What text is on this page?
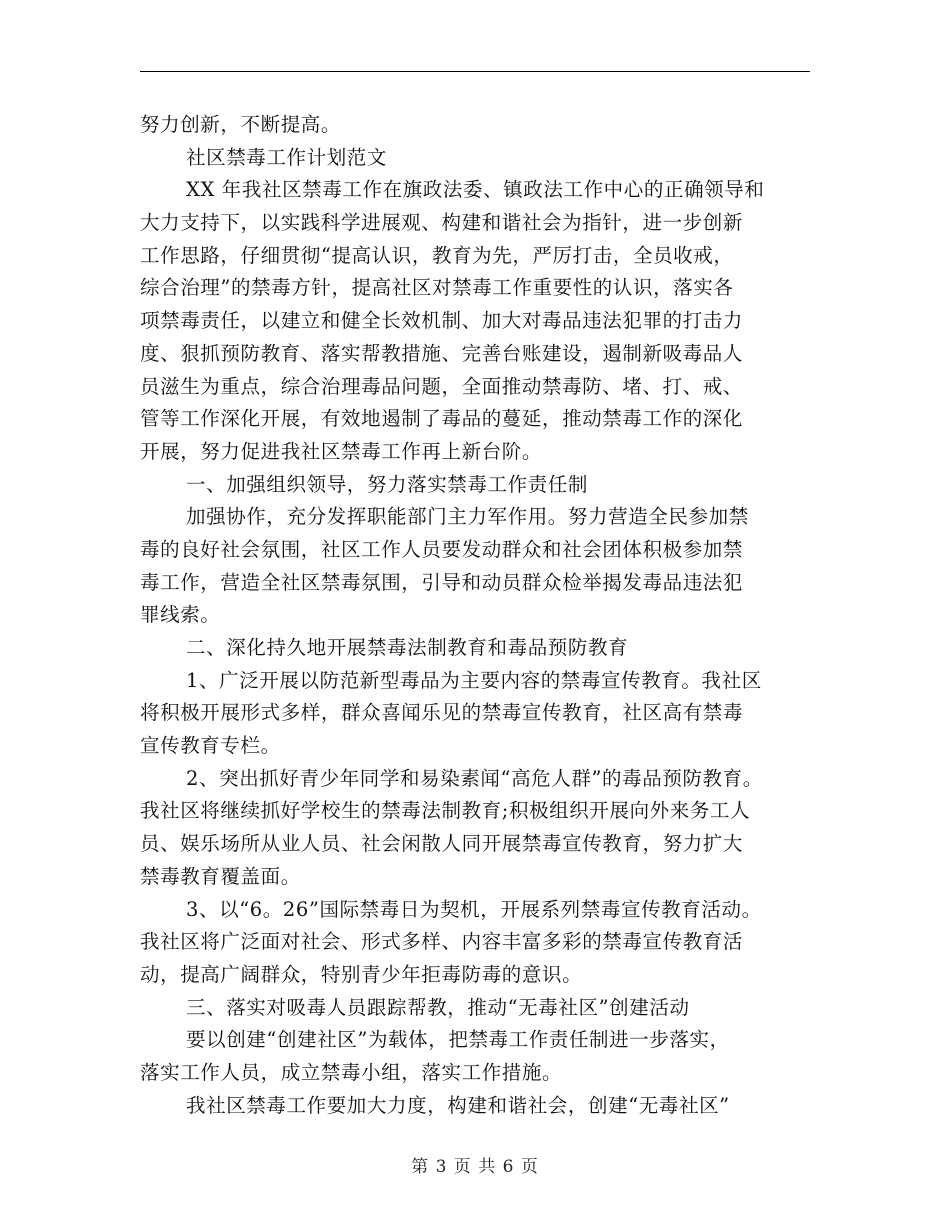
努力创新，不断提高。
社区禁毒工作计划范文
XX 年我社区禁毒工作在旗政法委、镇政法工作中心的正确领导和
大力支持下，以实践科学进展观、构建和谐社会为指针，进一步创新
工作思路，仔细贯彻“提高认识，教育为先，严厉打击，全员收戒，
综合治理”的禁毒方针，提高社区对禁毒工作重要性的认识，落实各
项禁毒责任，以建立和健全长效机制、加大对毒品违法犯罪的打击力
度、狠抓预防教育、落实帮教措施、完善台账建设，遏制新吸毒品人
员滋生为重点，综合治理毒品问题，全面推动禁毒防、堵、打、戒、
管等工作深化开展，有效地遏制了毒品的蔓延，推动禁毒工作的深化
开展，努力促进我社区禁毒工作再上新台阶。
一、加强组织领导，努力落实禁毒工作责任制
加强协作，充分发挥职能部门主力军作用。努力营造全民参加禁
毒的良好社会氛围，社区工作人员要发动群众和社会团体积极参加禁
毒工作，营造全社区禁毒氛围，引导和动员群众检举揭发毒品违法犯
罪线索。
二、深化持久地开展禁毒法制教育和毒品预防教育
1、广泛开展以防范新型毒品为主要内容的禁毒宣传教育。我社区
将积极开展形式多样，群众喜闻乐见的禁毒宣传教育，社区高有禁毒
宣传教育专栏。
2、突出抓好青少年同学和易染素闻“高危人群”的毒品预防教育。
我社区将继续抓好学校生的禁毒法制教育;积极组织开展向外来务工人
员、娱乐场所从业人员、社会闲散人同开展禁毒宣传教育，努力扩大
禁毒教育覆盖面。
3、以“6。26”国际禁毒日为契机，开展系列禁毒宣传教育活动。
我社区将广泛面对社会、形式多样、内容丰富多彩的禁毒宣传教育活
动，提高广阔群众，特别青少年拒毒防毒的意识。
三、落实对吸毒人员跟踪帮教，推动“无毒社区”创建活动
要以创建“创建社区”为载体，把禁毒工作责任制进一步落实，
落实工作人员，成立禁毒小组，落实工作措施。
我社区禁毒工作要加大力度，构建和谐社会，创建“无毒社区”
第 3 页 共 6 页
